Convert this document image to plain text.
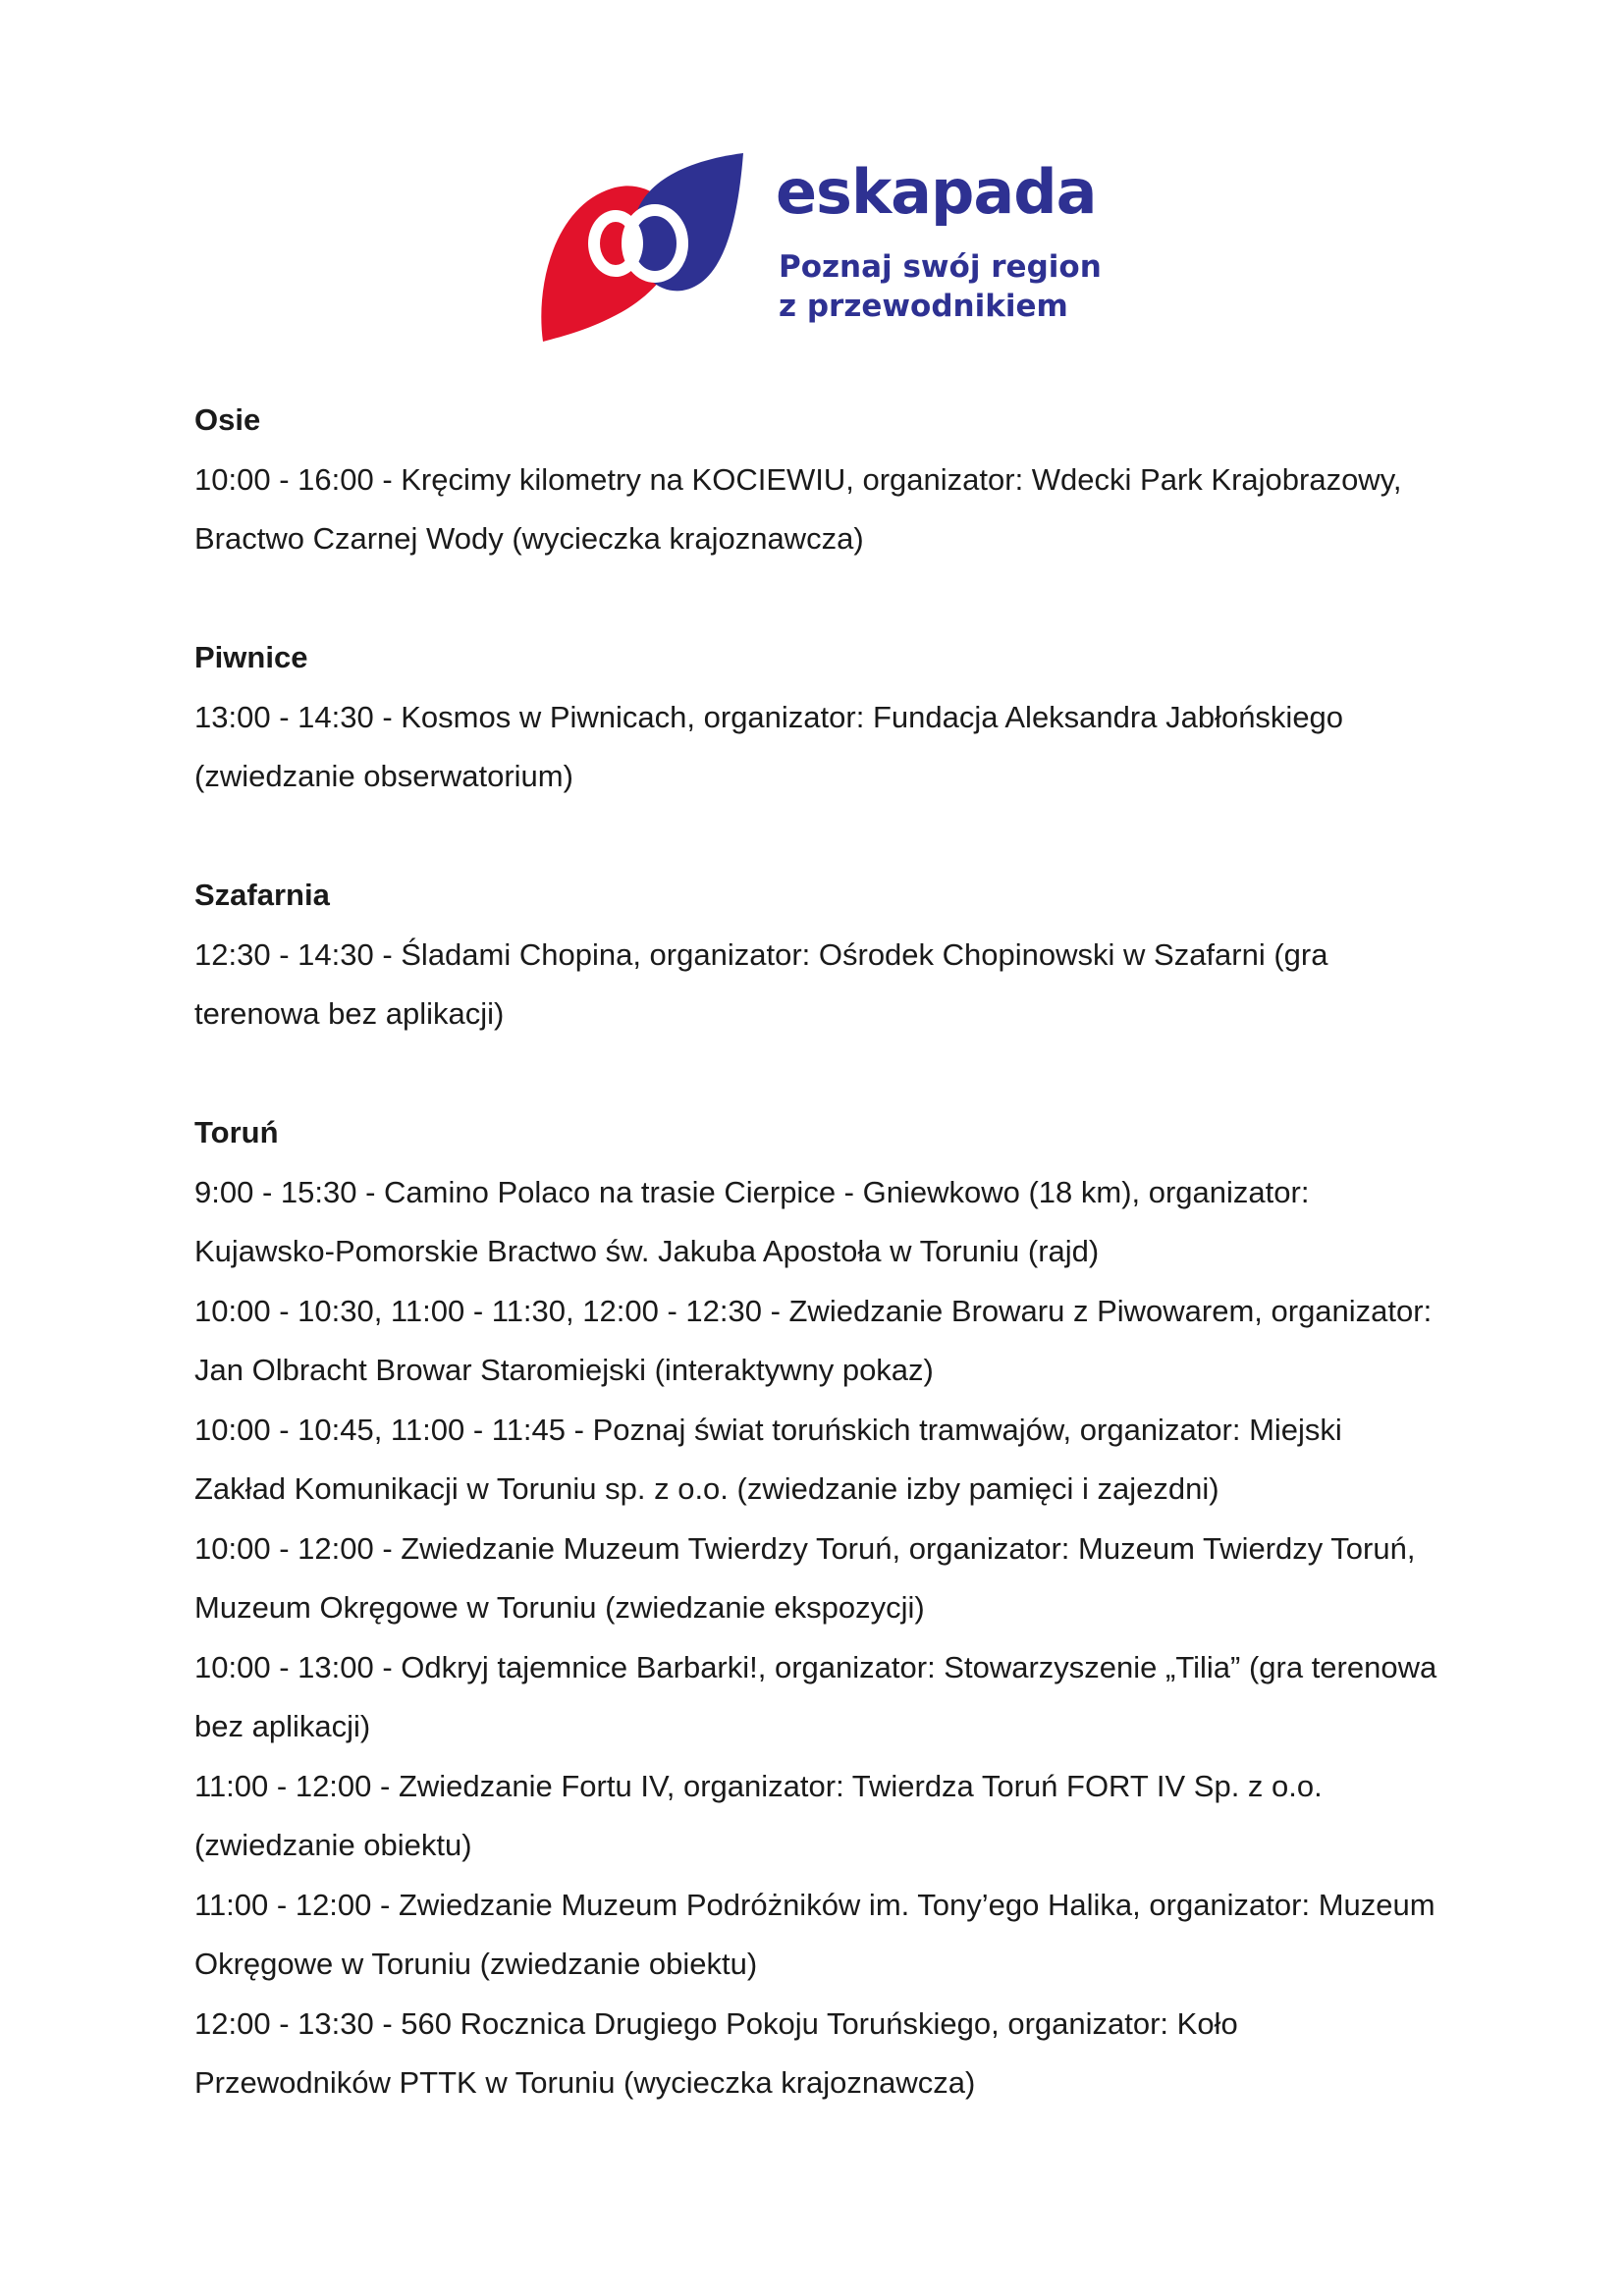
eskapada
Poznaj swój region
z przewodnikiem

Osie

10:00 - 16:00 - Kręcimy kilometry na KOCIEWIU, organizator: Wdecki Park Krajobrazowy, Bractwo Czarnej Wody (wycieczka krajoznawcza)

Piwnice

13:00 - 14:30 - Kosmos w Piwnicach, organizator: Fundacja Aleksandra Jabłońskiego (zwiedzanie obserwatorium)

Szafarnia

12:30 - 14:30 - Śladami Chopina, organizator: Ośrodek Chopinowski w Szafarni (gra terenowa bez aplikacji)

Toruń

9:00 - 15:30 - Camino Polaco na trasie Cierpice - Gniewkowo (18 km), organizator: Kujawsko-Pomorskie Bractwo św. Jakuba Apostoła w Toruniu (rajd)

10:00 - 10:30, 11:00 - 11:30, 12:00 - 12:30 - Zwiedzanie Browaru z Piwowarem, organizator: Jan Olbracht Browar Staromiejski (interaktywny pokaz)

10:00 - 10:45, 11:00 - 11:45 - Poznaj świat toruńskich tramwajów, organizator: Miejski Zakład Komunikacji w Toruniu sp. z o.o. (zwiedzanie izby pamięci i zajezdni)

10:00 - 12:00 - Zwiedzanie Muzeum Twierdzy Toruń, organizator: Muzeum Twierdzy Toruń, Muzeum Okręgowe w Toruniu (zwiedzanie ekspozycji)

10:00 - 13:00 - Odkryj tajemnice Barbarki!, organizator: Stowarzyszenie „Tilia” (gra terenowa bez aplikacji)

11:00 - 12:00 - Zwiedzanie Fortu IV, organizator: Twierdza Toruń FORT IV Sp. z o.o. (zwiedzanie obiektu)

11:00 - 12:00 - Zwiedzanie Muzeum Podróżników im. Tony’ego Halika, organizator: Muzeum Okręgowe w Toruniu (zwiedzanie obiektu)

12:00 - 13:30 - 560 Rocznica Drugiego Pokoju Toruńskiego, organizator: Koło Przewodników PTTK w Toruniu (wycieczka krajoznawcza)
